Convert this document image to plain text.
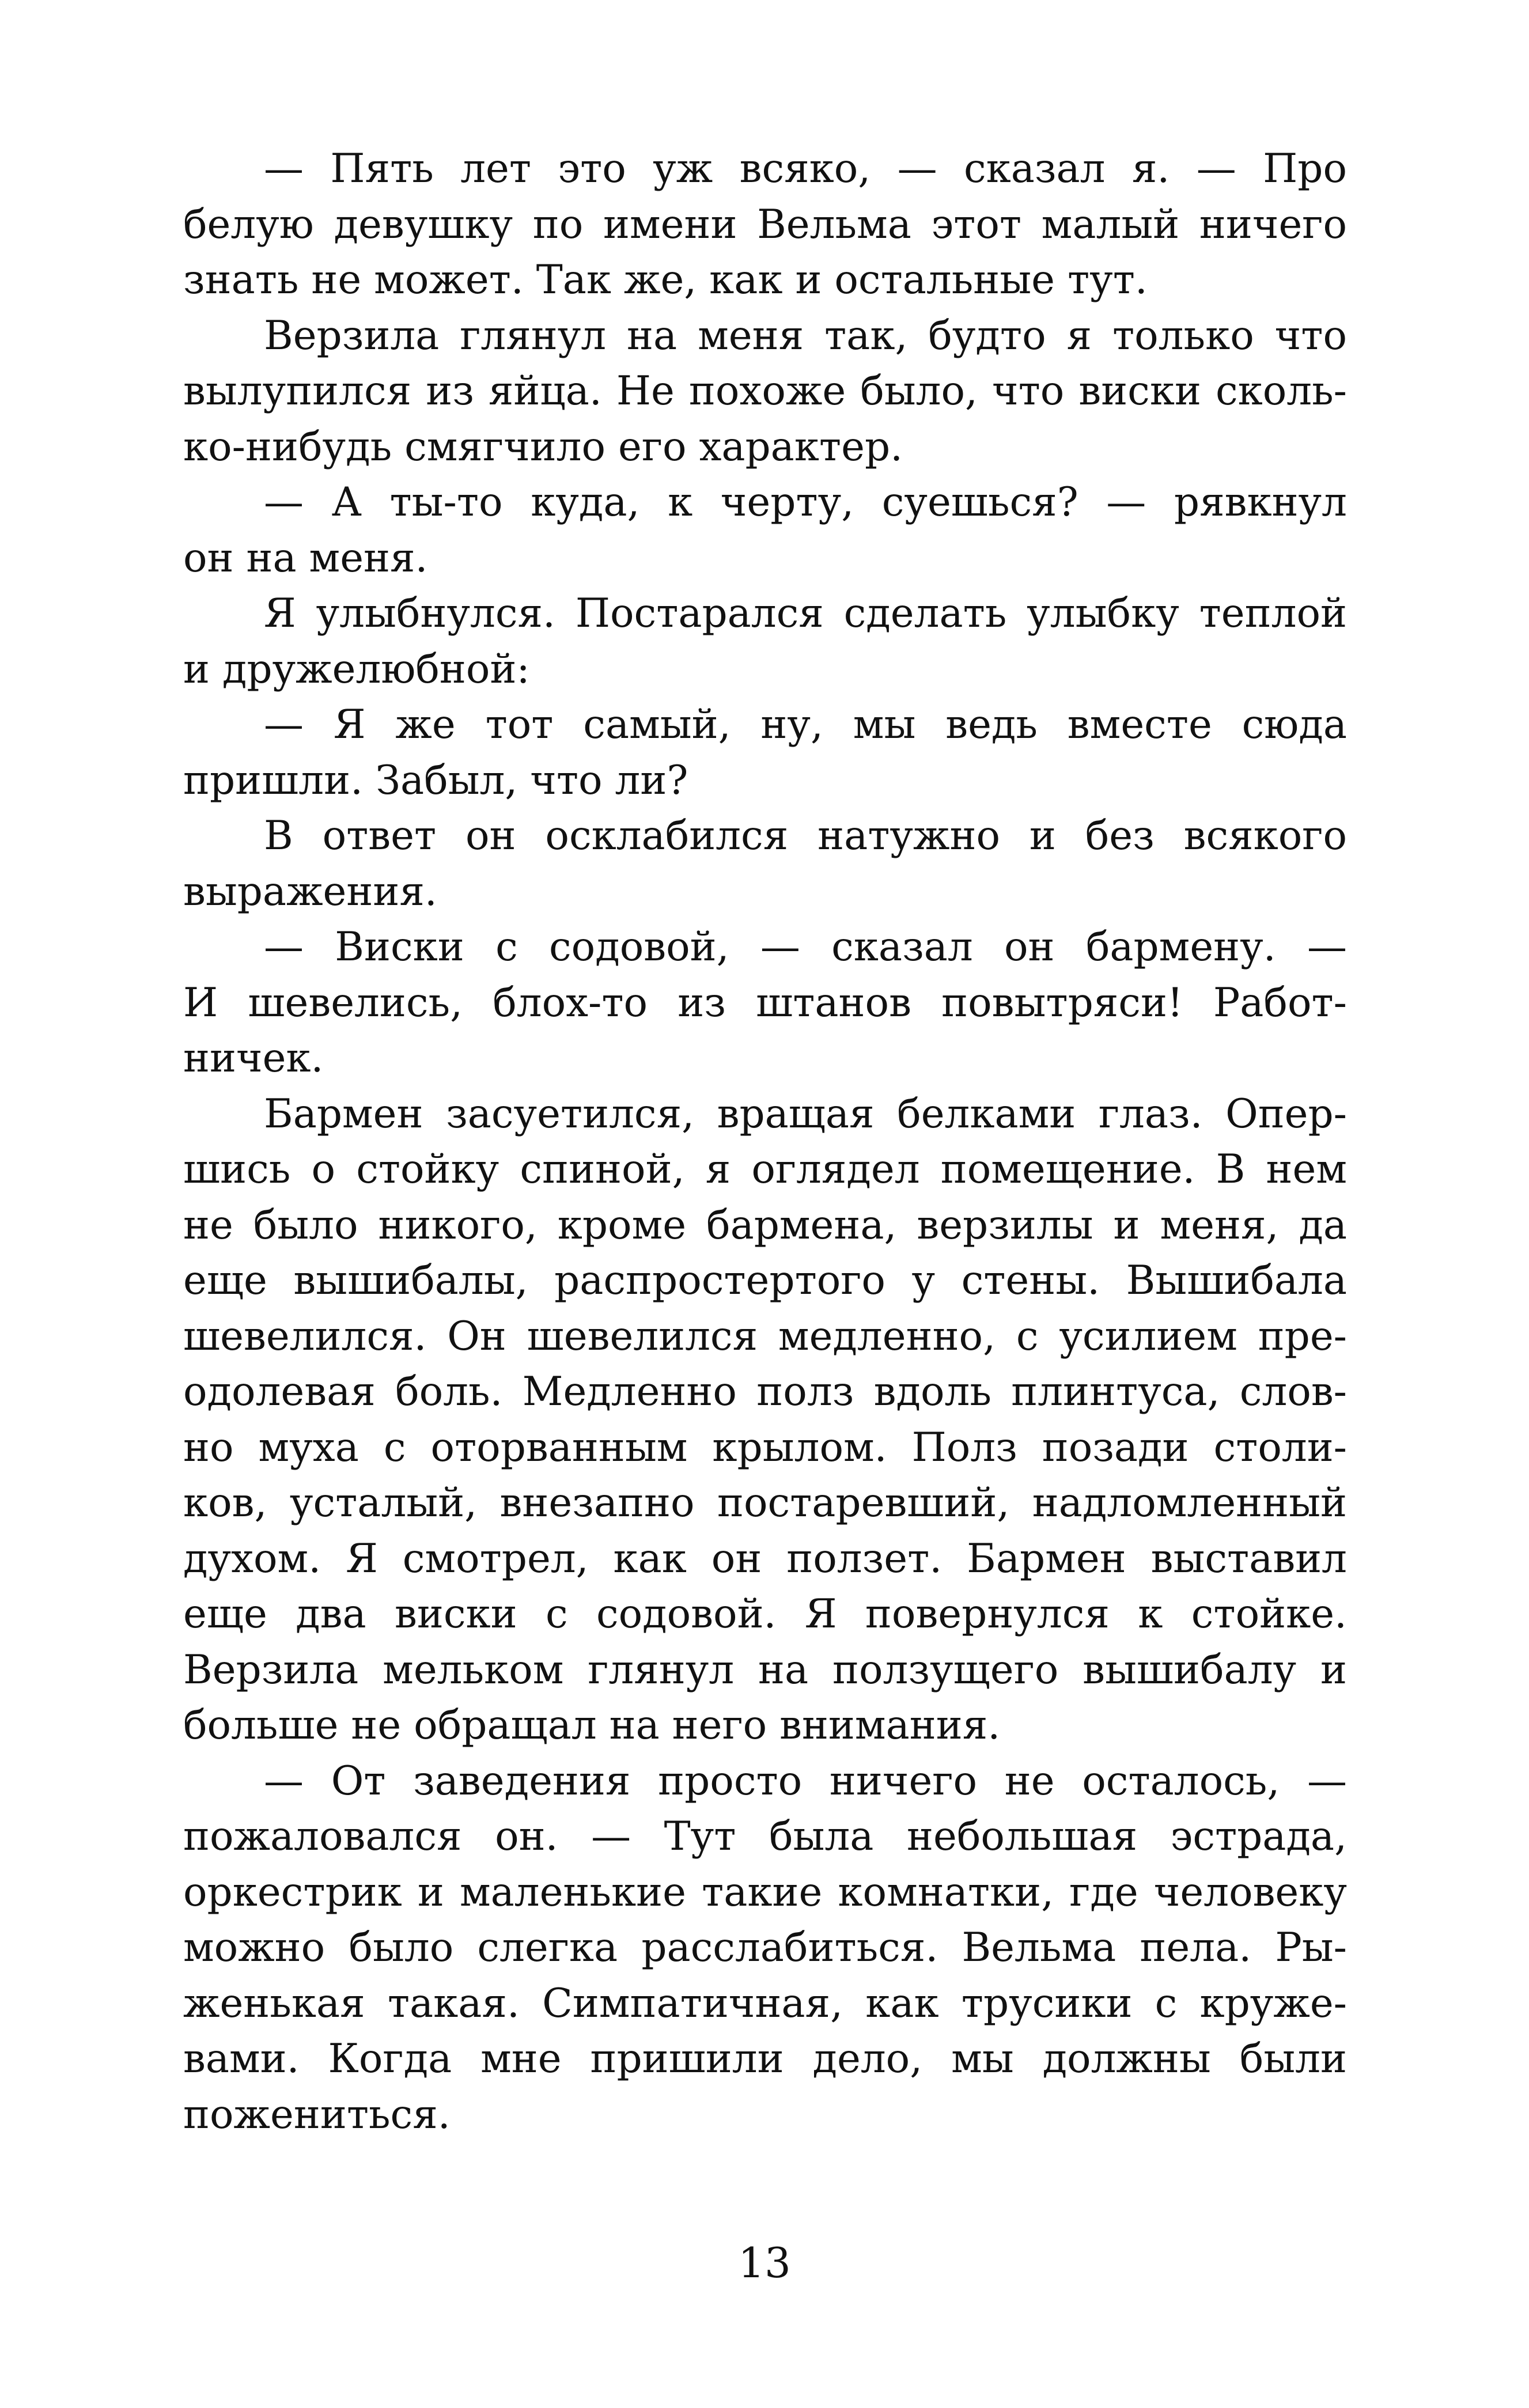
— Пять лет это уж всяко, — сказал я. — Про
белую девушку по имени Вельма этот малый ничего
знать не может. Так же, как и остальные тут.
Верзила глянул на меня так, будто я только что
вылупился из яйца. Не похоже было, что виски сколь-
ко-нибудь смягчило его характер.
— А ты-то куда, к черту, суешься? — рявкнул
он на меня.
Я улыбнулся. Постарался сделать улыбку теплой
и дружелюбной:
— Я же тот самый, ну, мы ведь вместе сюда
пришли. Забыл, что ли?
В ответ он осклабился натужно и без всякого
выражения.
— Виски с содовой, — сказал он бармену. —
И шевелись, блох-то из штанов повытряси! Работ-
ничек.
Бармен засуетился, вращая белками глаз. Опер-
шись о стойку спиной, я оглядел помещение. В нем
не было никого, кроме бармена, верзилы и меня, да
еще вышибалы, распростертого у стены. Вышибала
шевелился. Он шевелился медленно, с усилием пре-
одолевая боль. Медленно полз вдоль плинтуса, слов-
но муха с оторванным крылом. Полз позади столи-
ков, усталый, внезапно постаревший, надломленный
духом. Я смотрел, как он ползет. Бармен выставил
еще два виски с содовой. Я повернулся к стойке.
Верзила мельком глянул на ползущего вышибалу и
больше не обращал на него внимания.
— От заведения просто ничего не осталось, —
пожаловался он. — Тут была небольшая эстрада,
оркестрик и маленькие такие комнатки, где человеку
можно было слегка расслабиться. Вельма пела. Ры-
женькая такая. Симпатичная, как трусики с круже-
вами. Когда мне пришили дело, мы должны были
пожениться.
13
